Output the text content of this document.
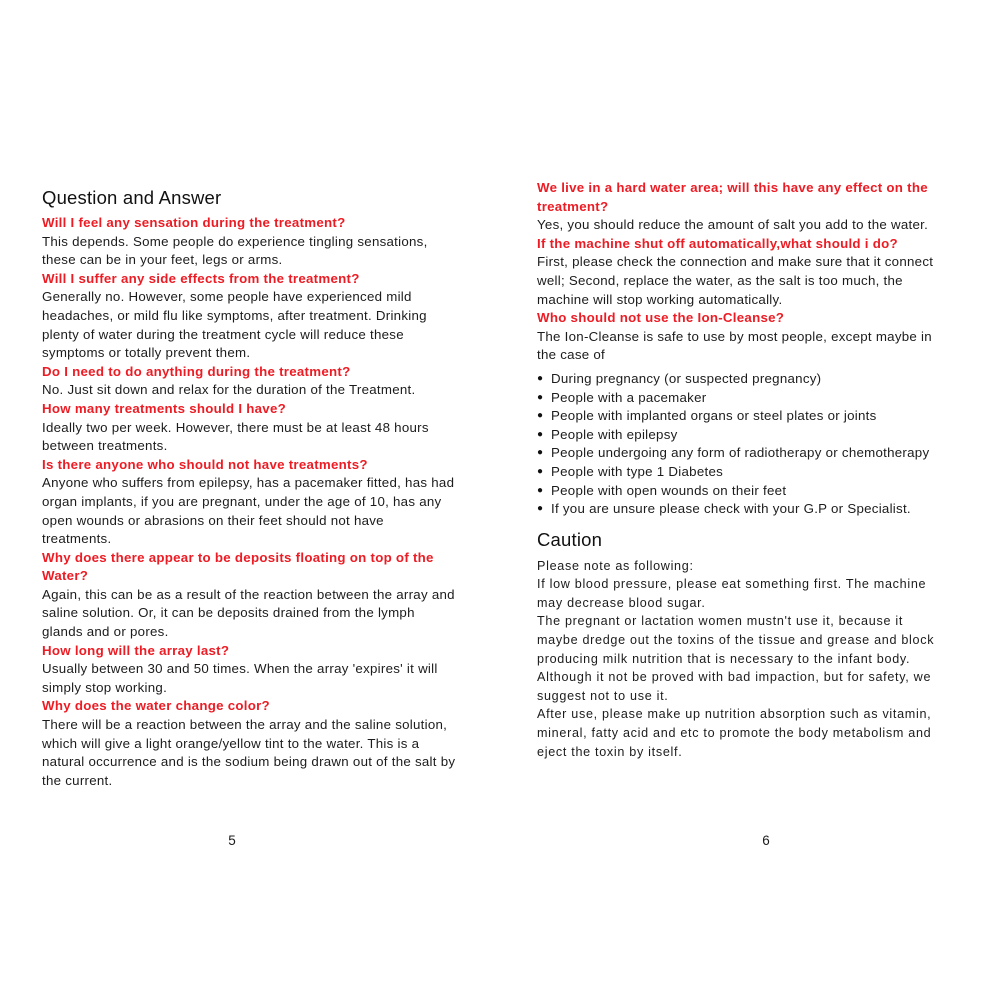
Question and Answer

Will I feel any sensation during the treatment?

This depends. Some people do experience tingling sensations, these can be in your feet, legs or arms.

Will I suffer any side effects from the treatment?

Generally no. However, some people have experienced mild headaches, or mild flu like symptoms, after treatment. Drinking plenty of water during the treatment cycle will reduce these symptoms or totally prevent them.

Do I need to do anything during the treatment?

No. Just sit down and relax for the duration of the Treatment.

How many treatments should I have?

Ideally two per week. However, there must be at least 48 hours between treatments.

Is there anyone who should not have treatments?

Anyone who suffers from epilepsy, has a pacemaker fitted, has had organ implants, if you are pregnant, under the age of 10, has any open wounds or abrasions on their feet should not have treatments.

Why does there appear to be deposits floating on top of the Water?

Again, this can be as a result of the reaction between the array and saline solution. Or, it can be deposits drained from the lymph glands and or pores.

How long will the array last?

Usually between 30 and 50 times. When the array 'expires' it will simply stop working.

Why does the water change color?

There will be a reaction between the array and the saline solution, which will give a light orange/yellow tint to the water. This is a natural occurrence and is the sodium being drawn out of the salt by the current.

We live in a hard water area; will this have any effect on the treatment?

Yes, you should reduce the amount of salt you add to the water.

If the machine shut off automatically,what should i do?

First, please check the connection and make sure that it connect well; Second, replace the water, as the salt is too much, the machine will stop working automatically.

Who should not use the Ion-Cleanse?

The Ion-Cleanse is safe to use by most people, except maybe in the case of

● During pregnancy (or suspected pregnancy)
● People with a pacemaker
● People with implanted organs or steel plates or joints
● People with epilepsy
● People undergoing any form of radiotherapy or chemotherapy
● People with type 1 Diabetes
● People with open wounds on their feet
● If you are unsure please check with your G.P or Specialist.
Caution

Please note as following:

If low blood pressure, please eat something first. The machine may decrease blood sugar.

The pregnant or lactation women mustn't use it, because it maybe dredge out the toxins of the tissue and grease and block producing milk nutrition that is necessary to the infant body. Although it not be proved with bad impaction, but for safety, we suggest not to use it.

After use, please make up nutrition absorption such as vitamin, mineral, fatty acid and etc to promote the body metabolism and eject the toxin by itself.

5	6
